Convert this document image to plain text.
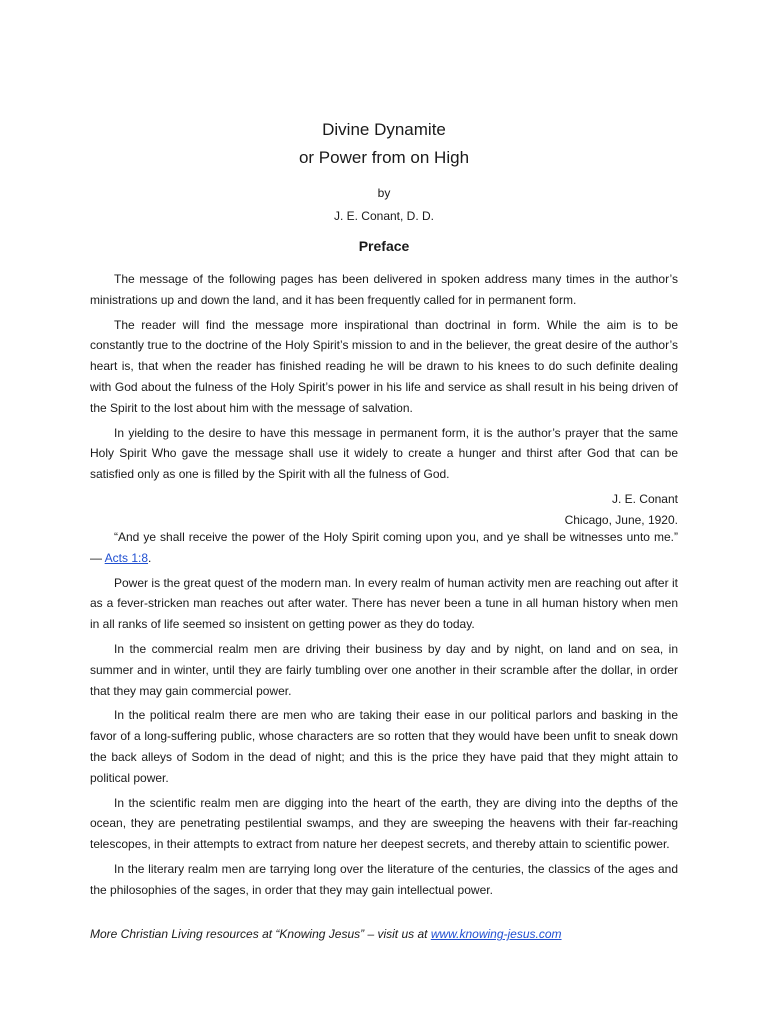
Divine Dynamite
or Power from on High
by
J. E. Conant, D. D.
Preface

The message of the following pages has been delivered in spoken address many times in the author’s ministrations up and down the land, and it has been frequently called for in permanent form.

The reader will find the message more inspirational than doctrinal in form. While the aim is to be constantly true to the doctrine of the Holy Spirit’s mission to and in the believer, the great desire of the author’s heart is, that when the reader has finished reading he will be drawn to his knees to do such definite dealing with God about the fulness of the Holy Spirit’s power in his life and service as shall result in his being driven of the Spirit to the lost about him with the message of salvation.

In yielding to the desire to have this message in permanent form, it is the author’s prayer that the same Holy Spirit Who gave the message shall use it widely to create a hunger and thirst after God that can be satisfied only as one is filled by the Spirit with all the fulness of God.

J. E. Conant

Chicago, June, 1920.

“And ye shall receive the power of the Holy Spirit coming upon you, and ye shall be witnesses unto me.” — Acts 1:8.

Power is the great quest of the modern man. In every realm of human activity men are reaching out after it as a fever-stricken man reaches out after water. There has never been a tune in all human history when men in all ranks of life seemed so insistent on getting power as they do today.

In the commercial realm men are driving their business by day and by night, on land and on sea, in summer and in winter, until they are fairly tumbling over one another in their scramble after the dollar, in order that they may gain commercial power.

In the political realm there are men who are taking their ease in our political parlors and basking in the favor of a long-suffering public, whose characters are so rotten that they would have been unfit to sneak down the back alleys of Sodom in the dead of night; and this is the price they have paid that they might attain to political power.

In the scientific realm men are digging into the heart of the earth, they are diving into the depths of the ocean, they are penetrating pestilential swamps, and they are sweeping the heavens with their far-reaching telescopes, in their attempts to extract from nature her deepest secrets, and thereby attain to scientific power.

In the literary realm men are tarrying long over the literature of the centuries, the classics of the ages and the philosophies of the sages, in order that they may gain intellectual power.

More Christian Living resources at “Knowing Jesus” – visit us at www.knowing-jesus.com
